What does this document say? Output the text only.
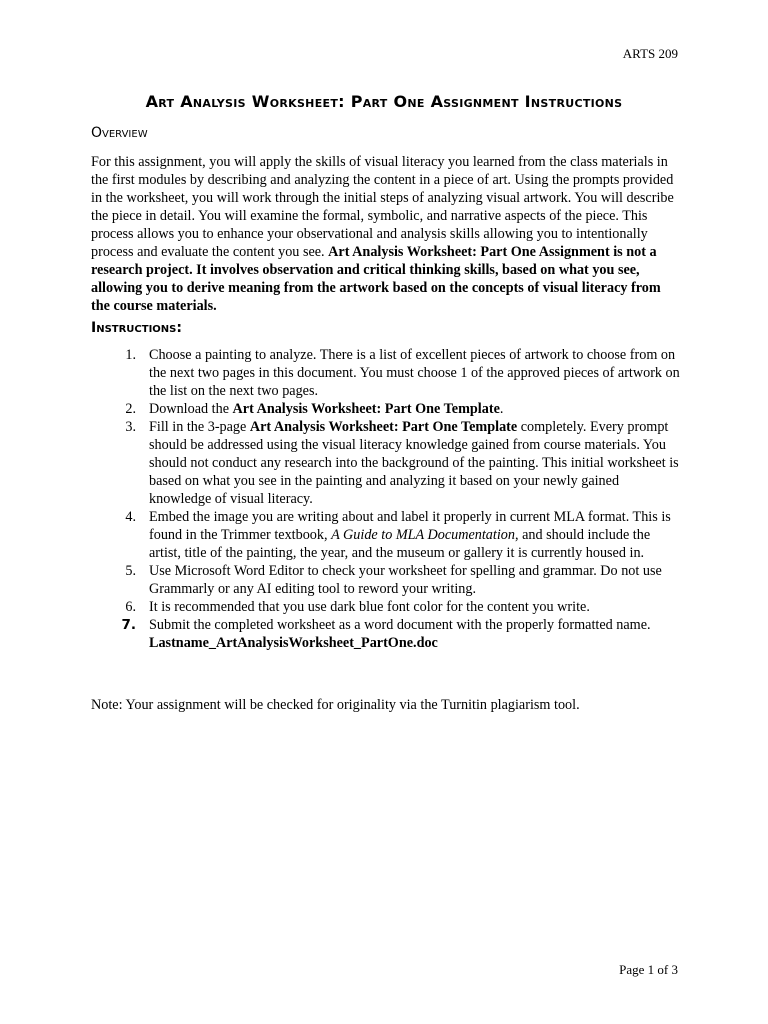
ARTS 209
Art Analysis Worksheet: Part One Assignment Instructions
Overview
For this assignment, you will apply the skills of visual literacy you learned from the class materials in the first modules by describing and analyzing the content in a piece of art. Using the prompts provided in the worksheet, you will work through the initial steps of analyzing visual artwork. You will describe the piece in detail. You will examine the formal, symbolic, and narrative aspects of the piece. This process allows you to enhance your observational and analysis skills allowing you to intentionally process and evaluate the content you see. Art Analysis Worksheet: Part One Assignment is not a research project. It involves observation and critical thinking skills, based on what you see, allowing you to derive meaning from the artwork based on the concepts of visual literacy from the course materials.
Instructions:
1. Choose a painting to analyze. There is a list of excellent pieces of artwork to choose from on the next two pages in this document. You must choose 1 of the approved pieces of artwork on the list on the next two pages.
2. Download the Art Analysis Worksheet: Part One Template.
3. Fill in the 3-page Art Analysis Worksheet: Part One Template completely. Every prompt should be addressed using the visual literacy knowledge gained from course materials. You should not conduct any research into the background of the painting. This initial worksheet is based on what you see in the painting and analyzing it based on your newly gained knowledge of visual literacy.
4. Embed the image you are writing about and label it properly in current MLA format. This is found in the Trimmer textbook, A Guide to MLA Documentation, and should include the artist, title of the painting, the year, and the museum or gallery it is currently housed in.
5. Use Microsoft Word Editor to check your worksheet for spelling and grammar. Do not use Grammarly or any AI editing tool to reword your writing.
6. It is recommended that you use dark blue font color for the content you write.
7. Submit the completed worksheet as a word document with the properly formatted name.
Lastname_ArtAnalysisWorksheet_PartOne.doc
Note: Your assignment will be checked for originality via the Turnitin plagiarism tool.
Page 1 of 3
